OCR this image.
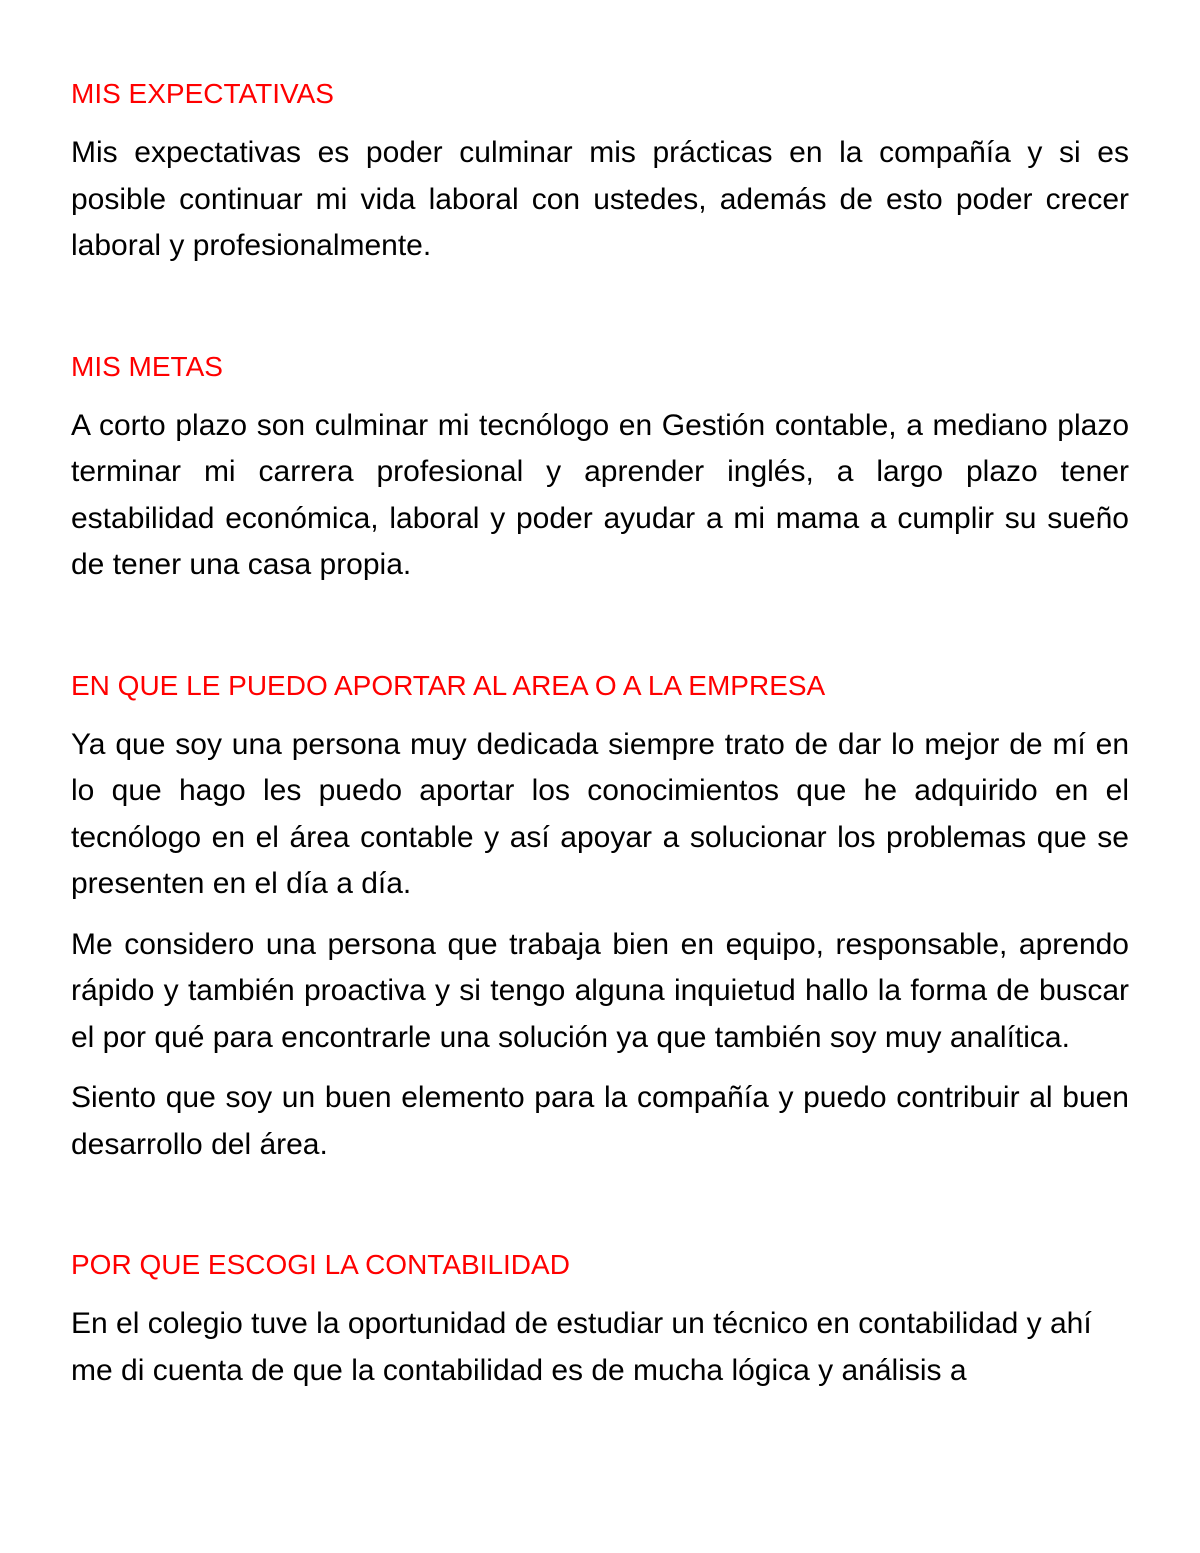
MIS EXPECTATIVAS

Mis expectativas es poder culminar mis prácticas en la compañía y si es posible continuar mi vida laboral con ustedes, además de esto poder crecer laboral y profesionalmente.

MIS METAS

A corto plazo son culminar mi tecnólogo en Gestión contable, a mediano plazo terminar mi carrera profesional y aprender inglés, a largo plazo tener estabilidad económica, laboral y poder ayudar a mi mama a cumplir su sueño de tener una casa propia.

EN QUE LE PUEDO APORTAR AL AREA O A LA EMPRESA

Ya que soy una persona muy dedicada siempre trato de dar lo mejor de mí en lo que hago les puedo aportar los conocimientos que he adquirido en el tecnólogo en el área contable y así apoyar a solucionar los problemas que se presenten en el día a día.

Me considero una persona que trabaja bien en equipo, responsable, aprendo rápido y también proactiva y si tengo alguna inquietud hallo la forma de buscar el por qué para encontrarle una solución ya que también soy muy analítica.

Siento que soy un buen elemento para la compañía y puedo contribuir al buen desarrollo del área.

POR QUE ESCOGI LA CONTABILIDAD

En el colegio tuve la oportunidad de estudiar un técnico en contabilidad y ahí me di cuenta de que la contabilidad es de mucha lógica y análisis a
